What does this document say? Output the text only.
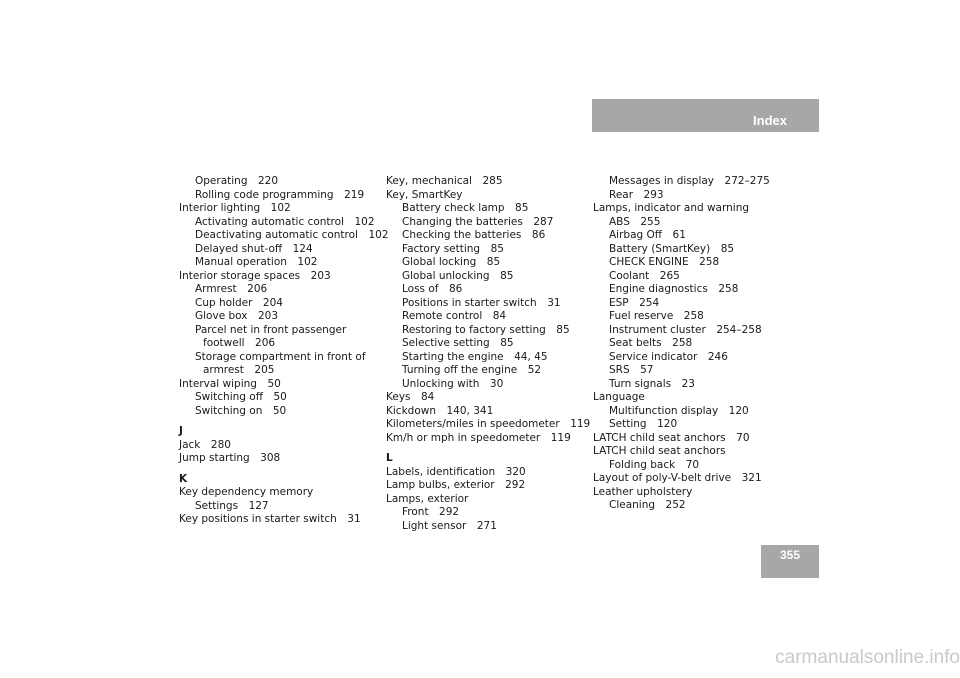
Index
Operating 220
Rolling code programming 219
Interior lighting 102
Activating automatic control 102
Deactivating automatic control 102
Delayed shut-off 124
Manual operation 102
Interior storage spaces 203
Armrest 206
Cup holder 204
Glove box 203
Parcel net in front passenger
footwell 206
Storage compartment in front of
armrest 205
Interval wiping 50
Switching off 50
Switching on 50
J
Jack 280
Jump starting 308
K
Key dependency memory
Settings 127
Key positions in starter switch 31
Key, mechanical 285
Key, SmartKey
Battery check lamp 85
Changing the batteries 287
Checking the batteries 86
Factory setting 85
Global locking 85
Global unlocking 85
Loss of 86
Positions in starter switch 31
Remote control 84
Restoring to factory setting 85
Selective setting 85
Starting the engine 44, 45
Turning off the engine 52
Unlocking with 30
Keys 84
Kickdown 140, 341
Kilometers/miles in speedometer 119
Km/h or mph in speedometer 119
L
Labels, identification 320
Lamp bulbs, exterior 292
Lamps, exterior
Front 292
Light sensor 271
Messages in display 272–275
Rear 293
Lamps, indicator and warning
ABS 255
Airbag Off 61
Battery (SmartKey) 85
CHECK ENGINE 258
Coolant 265
Engine diagnostics 258
ESP 254
Fuel reserve 258
Instrument cluster 254–258
Seat belts 258
Service indicator 246
SRS 57
Turn signals 23
Language
Multifunction display 120
Setting 120
LATCH child seat anchors 70
LATCH child seat anchors
Folding back 70
Layout of poly-V-belt drive 321
Leather upholstery
Cleaning 252
355
carmanualsonline.info
